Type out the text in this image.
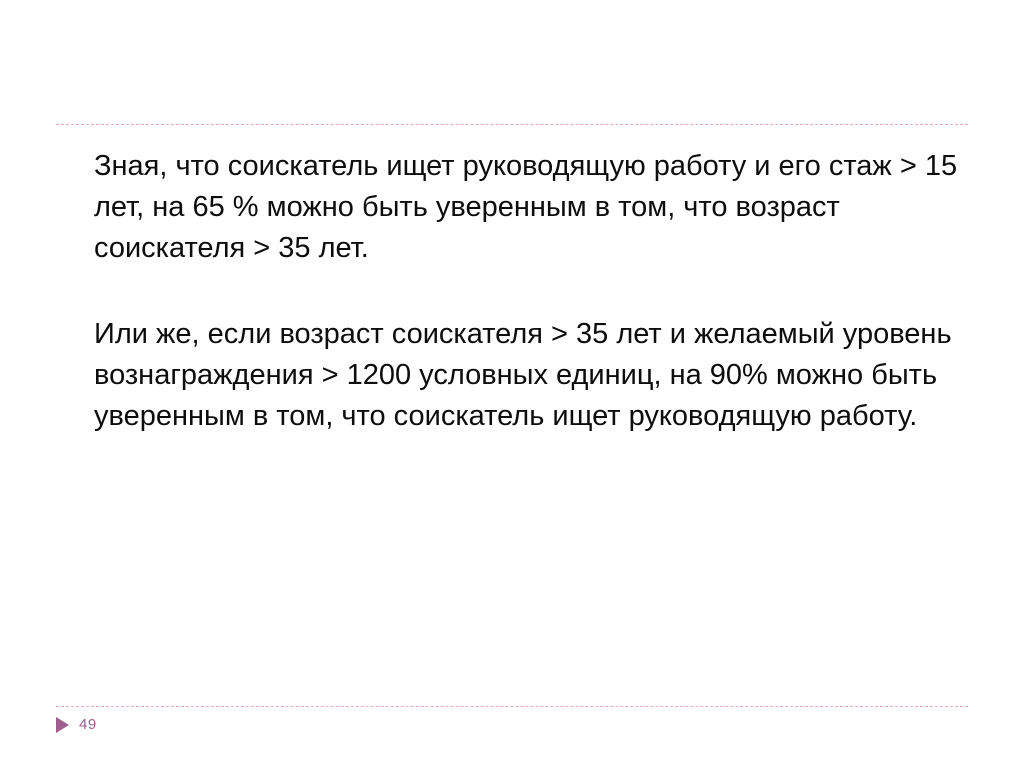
Зная, что соискатель ищет руководящую работу и его стаж > 15 лет, на 65 % можно быть уверенным в том, что возраст соискателя > 35 лет.

Или же, если возраст соискателя > 35 лет и желаемый уровень вознаграждения > 1200 условных единиц, на 90% можно быть уверенным в том, что соискатель ищет руководящую работу.

49
